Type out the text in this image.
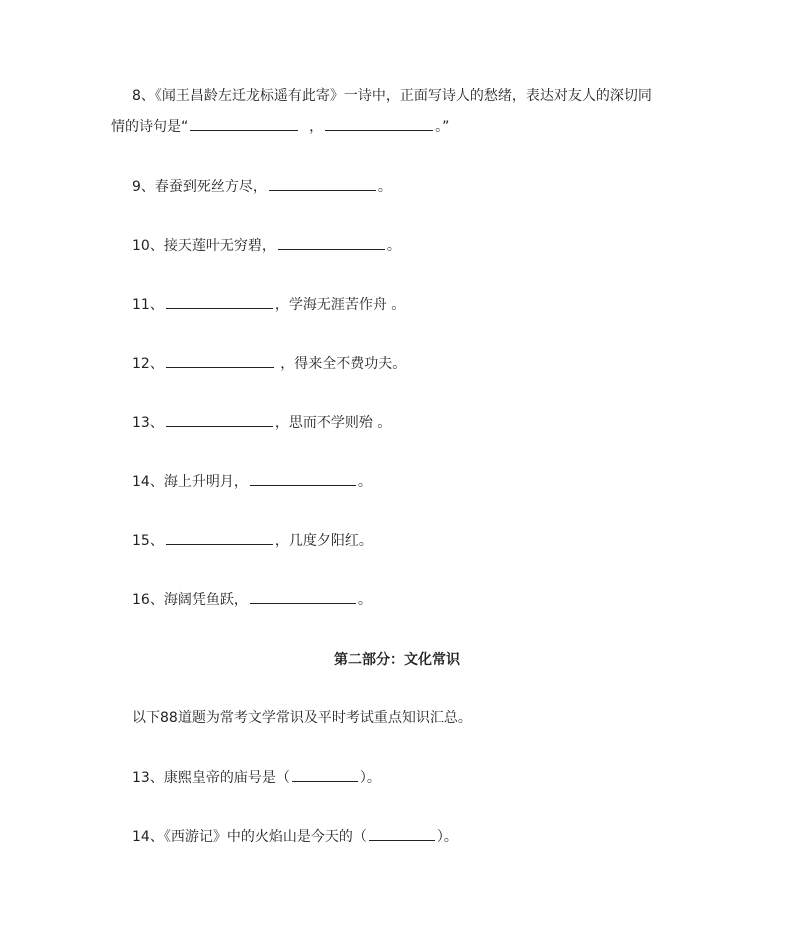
8、《闻王昌龄左迁龙标遥有此寄》一诗中，正面写诗人的愁绪，表达对友人的深切同
情的诗句是“	，	。”
9、春蚕到死丝方尽，	。
10、接天莲叶无穷碧，	。
11、	，学海无涯苦作舟 。
12、	，得来全不费功夫。
13、	，思而不学则殆 。
14、海上升明月，	。
15、	，几度夕阳红。
16、海阔凭鱼跃，	。
第二部分：文化常识
以下88道题为常考文学常识及平时考试重点知识汇总。
13、康熙皇帝的庙号是（	）。
14、《西游记》中的火焰山是今天的（	）。
